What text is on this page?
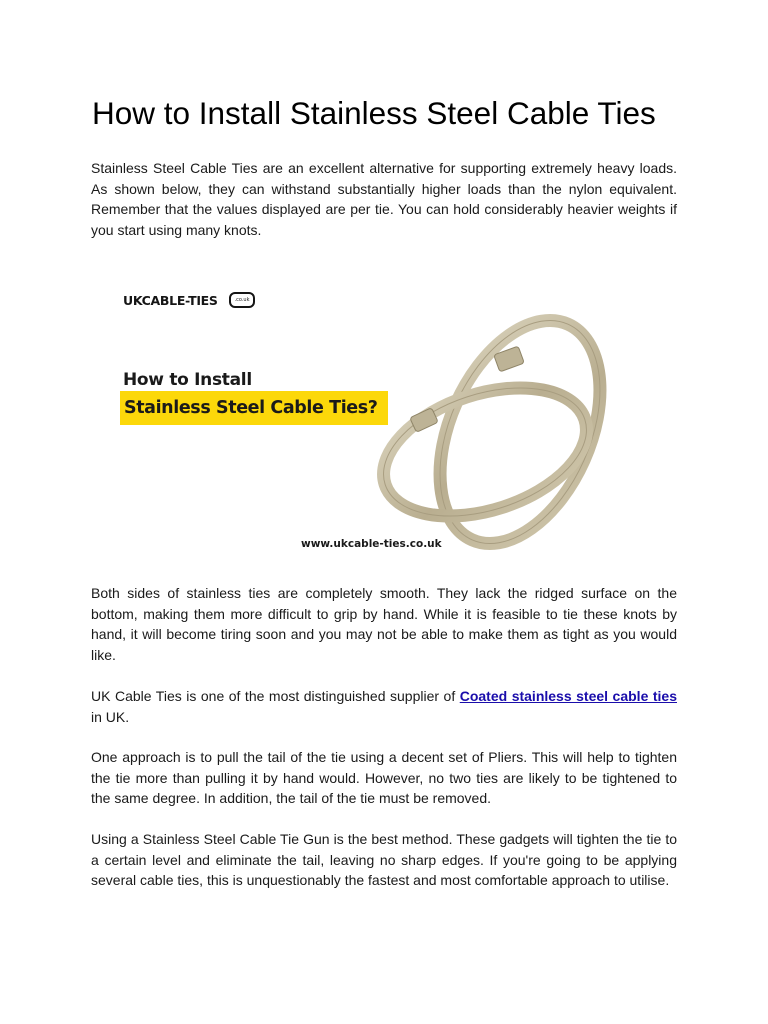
How to Install Stainless Steel Cable Ties

Stainless Steel Cable Ties are an excellent alternative for supporting extremely heavy loads. As shown below, they can withstand substantially higher loads than the nylon equivalent. Remember that the values displayed are per tie. You can hold considerably heavier weights if you start using many knots.

UKCABLE-TIES	.co.uk
How to Install
Stainless Steel Cable Ties?
www.ukcable-ties.co.uk

Both sides of stainless ties are completely smooth. They lack the ridged surface on the bottom, making them more difficult to grip by hand. While it is feasible to tie these knots by hand, it will become tiring soon and you may not be able to make them as tight as you would like.

UK Cable Ties is one of the most distinguished supplier of Coated stainless steel cable ties in UK.

One approach is to pull the tail of the tie using a decent set of Pliers. This will help to tighten the tie more than pulling it by hand would. However, no two ties are likely to be tightened to the same degree. In addition, the tail of the tie must be removed.

Using a Stainless Steel Cable Tie Gun is the best method. These gadgets will tighten the tie to a certain level and eliminate the tail, leaving no sharp edges. If you're going to be applying several cable ties, this is unquestionably the fastest and most comfortable approach to utilise.
